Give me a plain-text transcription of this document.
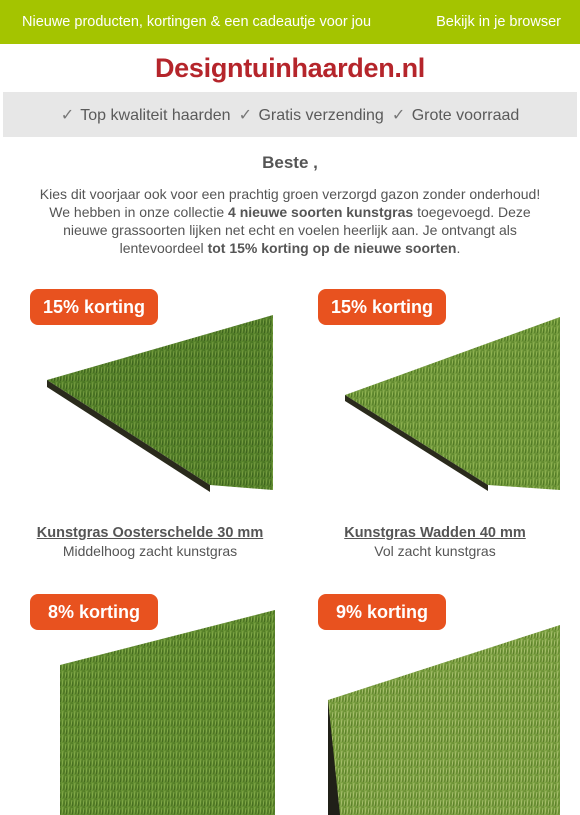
Nieuwe producten, kortingen & een cadeautje voor jou	Bekijk in je browser
Designtuinhaarden.nl
✓ Top kwaliteit haarden ✓ Gratis verzending ✓ Grote voorraad
Beste ,
Kies dit voorjaar ook voor een prachtig groen verzorgd gazon zonder onderhoud!
We hebben in onze collectie 4 nieuwe soorten kunstgras toegevoegd. Deze nieuwe grassoorten lijken net echt en voelen heerlijk aan. Je ontvangt als lentevoordeel tot 15% korting op de nieuwe soorten.
15% korting
Kunstgras Oosterschelde 30 mm
Middelhoog zacht kunstgras
15% korting
Kunstgras Wadden 40 mm
Vol zacht kunstgras
8% korting	9% korting
